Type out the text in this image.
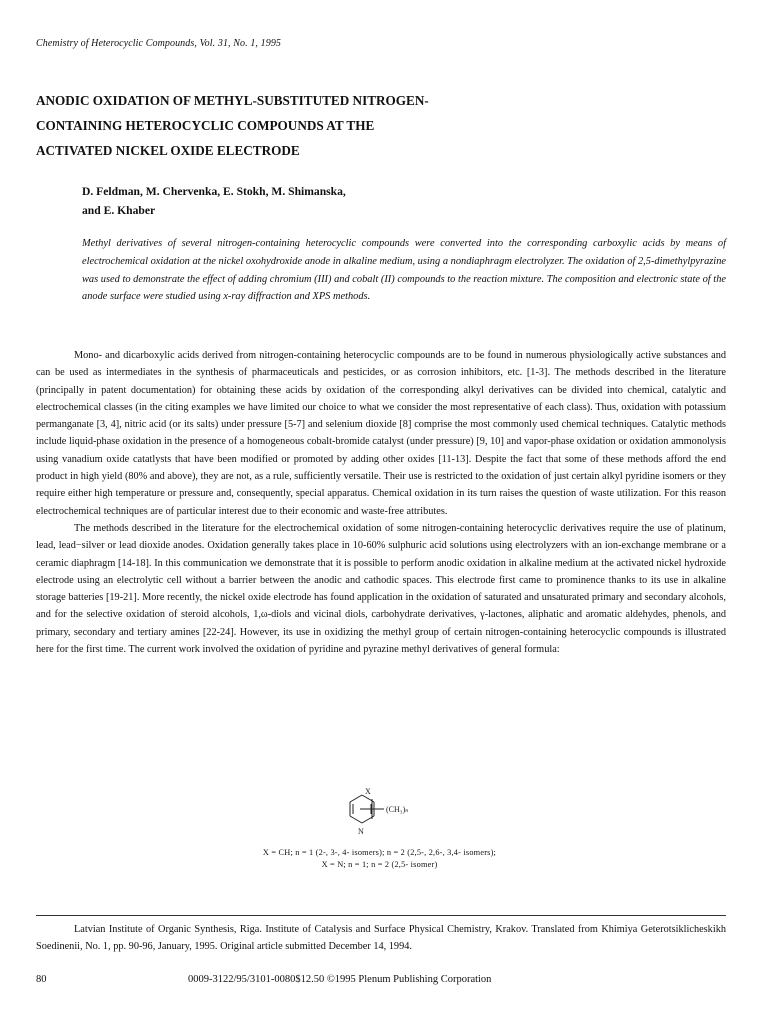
Chemistry of Heterocyclic Compounds, Vol. 31, No. 1, 1995
ANODIC OXIDATION OF METHYL-SUBSTITUTED NITROGEN-
CONTAINING HETEROCYCLIC COMPOUNDS AT THE
ACTIVATED NICKEL OXIDE ELECTRODE
D. Feldman, M. Chervenka, E. Stokh, M. Shimanska,
and E. Khaber
Methyl derivatives of several nitrogen-containing heterocyclic compounds were converted into the corresponding carboxylic acids by means of electrochemical oxidation at the nickel oxohydroxide anode in alkaline medium, using a nondiaphragm electrolyzer. The oxidation of 2,5-dimethylpyrazine was used to demonstrate the effect of adding chromium (III) and cobalt (II) compounds to the reaction mixture. The composition and electronic state of the anode surface were studied using x-ray diffraction and XPS methods.

Mono- and dicarboxylic acids derived from nitrogen-containing heterocyclic compounds are to be found in numerous physiologically active substances and can be used as intermediates in the synthesis of pharmaceuticals and pesticides, or as corrosion inhibitors, etc. [1-3]. The methods described in the literature (principally in patent documentation) for obtaining these acids by oxidation of the corresponding alkyl derivatives can be divided into chemical, catalytic and electrochemical classes (in the citing examples we have limited our choice to what we consider the most representative of each class). Thus, oxidation with potassium permanganate [3, 4], nitric acid (or its salts) under pressure [5-7] and selenium dioxide [8] comprise the most commonly used chemical techniques. Catalytic methods include liquid-phase oxidation in the presence of a homogeneous cobalt-bromide catalyst (under pressure) [9, 10] and vapor-phase oxidation or oxidation ammonolysis using vanadium oxide catatlysts that have been modified or promoted by adding other oxides [11-13]. Despite the fact that some of these methods afford the end product in high yield (80% and above), they are not, as a rule, sufficiently versatile. Their use is restricted to the oxidation of just certain alkyl pyridine isomers or they require either high temperature or pressure and, consequently, special apparatus. Chemical oxidation in its turn raises the question of waste utilization. For this reason electrochemical techniques are of particular interest due to their economic and waste-free attributes.

The methods described in the literature for the electrochemical oxidation of some nitrogen-containing heterocyclic derivatives require the use of platinum, lead, lead−silver or lead dioxide anodes. Oxidation generally takes place in 10-60% sulphuric acid solutions using electrolyzers with an ion-exchange membrane or a ceramic diaphragm [14-18]. In this communication we demonstrate that it is possible to perform anodic oxidation in alkaline medium at the activated nickel hydroxide electrode using an electrolytic cell without a barrier between the anodic and cathodic spaces. This electrode first came to prominence thanks to its use in alkaline storage batteries [19-21]. More recently, the nickel oxide electrode has found application in the oxidation of saturated and unsaturated primary and secondary alcohols, and for the selective oxidation of steroid alcohols, 1,ω-diols and vicinal diols, carbohydrate derivatives, γ-lactones, aliphatic and aromatic aldehydes, phenols, and primary, secondary and tertiary amines [22-24]. However, its use in oxidizing the methyl group of certain nitrogen-containing heterocyclic compounds is illustrated here for the first time. The current work involved the oxidation of pyridine and pyrazine methyl derivatives of general formula:

X
N
(CH₃)ₙ
X = CH; n = 1 (2-, 3-, 4- isomers); n = 2 (2,5-, 2,6-, 3,4- isomers);
X = N; n = 1; n = 2 (2,5- isomer)
Latvian Institute of Organic Synthesis, Riga. Institute of Catalysis and Surface Physical Chemistry, Krakov. Translated from Khimiya Geterotsiklicheskikh Soedinenii, No. 1, pp. 90-96, January, 1995. Original article submitted December 14, 1994.
80	0009-3122/95/3101-0080$12.50 ©1995 Plenum Publishing Corporation
